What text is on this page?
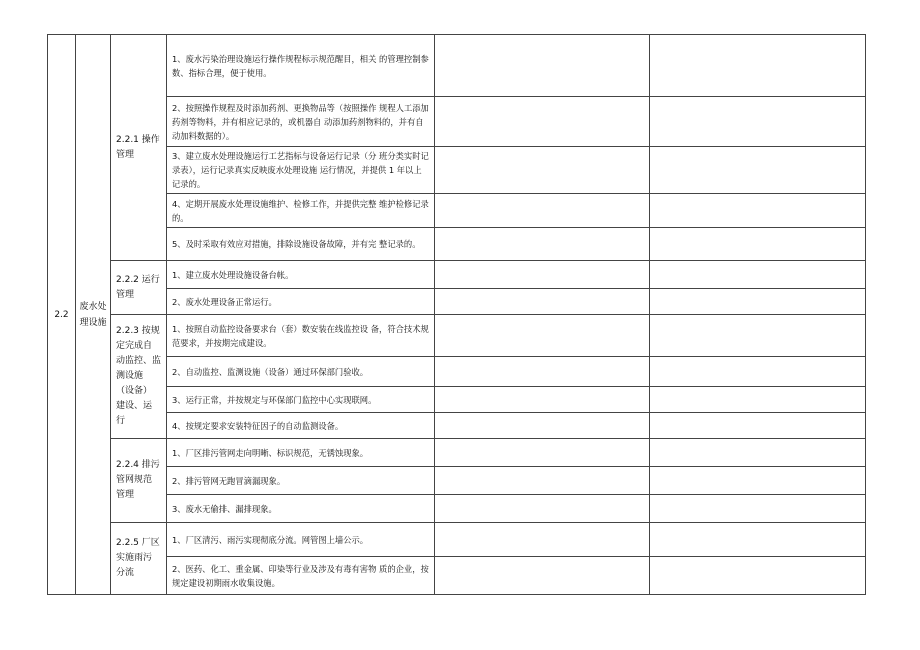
2.2	废水处理设施	2.2.1 操作管理	1、废水污染治理设施运行操作规程标示规范醒目，相关 的管理控制参数、指标合理，便于使用。		
			2、按照操作规程及时添加药剂、更换物品等（按照操作 规程人工添加药剂等物料，并有相应记录的，或机器自 动添加药剂物料的，并有自动加料数据的）。		
			3、建立废水处理设施运行工艺指标与设备运行记录（分 班分类实时记录表），运行记录真实反映废水处理设施 运行情况，并提供 1 年以上记录的。		
			4、定期开展废水处理设施维护、检修工作，并提供完整 维护检修记录的。		
			5、及时采取有效应对措施，排除设施设备故障，并有完 整记录的。		
		2.2.2 运行管理	1、建立废水处理设施设备台帐。		
			2、废水处理设备正常运行。		
		2.2.3 按规定完成自 动监控、监测设施 （设备） 建设、运 行	1、按照自动监控设备要求台（套）数安装在线监控设 备，符合技术规范要求，并按期完成建设。		
			2、自动监控、监测设施（设备）通过环保部门验收。		
			3、运行正常，并按规定与环保部门监控中心实现联网。		
			4、按规定要求安装特征因子的自动监测设备。		
		2.2.4 排污管网规范 管理	1、厂区排污管网走向明晰、标识规范，无锈蚀现象。		
			2、排污管网无跑冒滴漏现象。		
			3、废水无偷排、漏排现象。		
		2.2.5 厂区实施雨污 分流	1、厂区清污、雨污实现彻底分流。网管图上墙公示。		
			2、医药、化工、重金属、印染等行业及涉及有毒有害物 质的企业，按规定建设初期雨水收集设施。		
